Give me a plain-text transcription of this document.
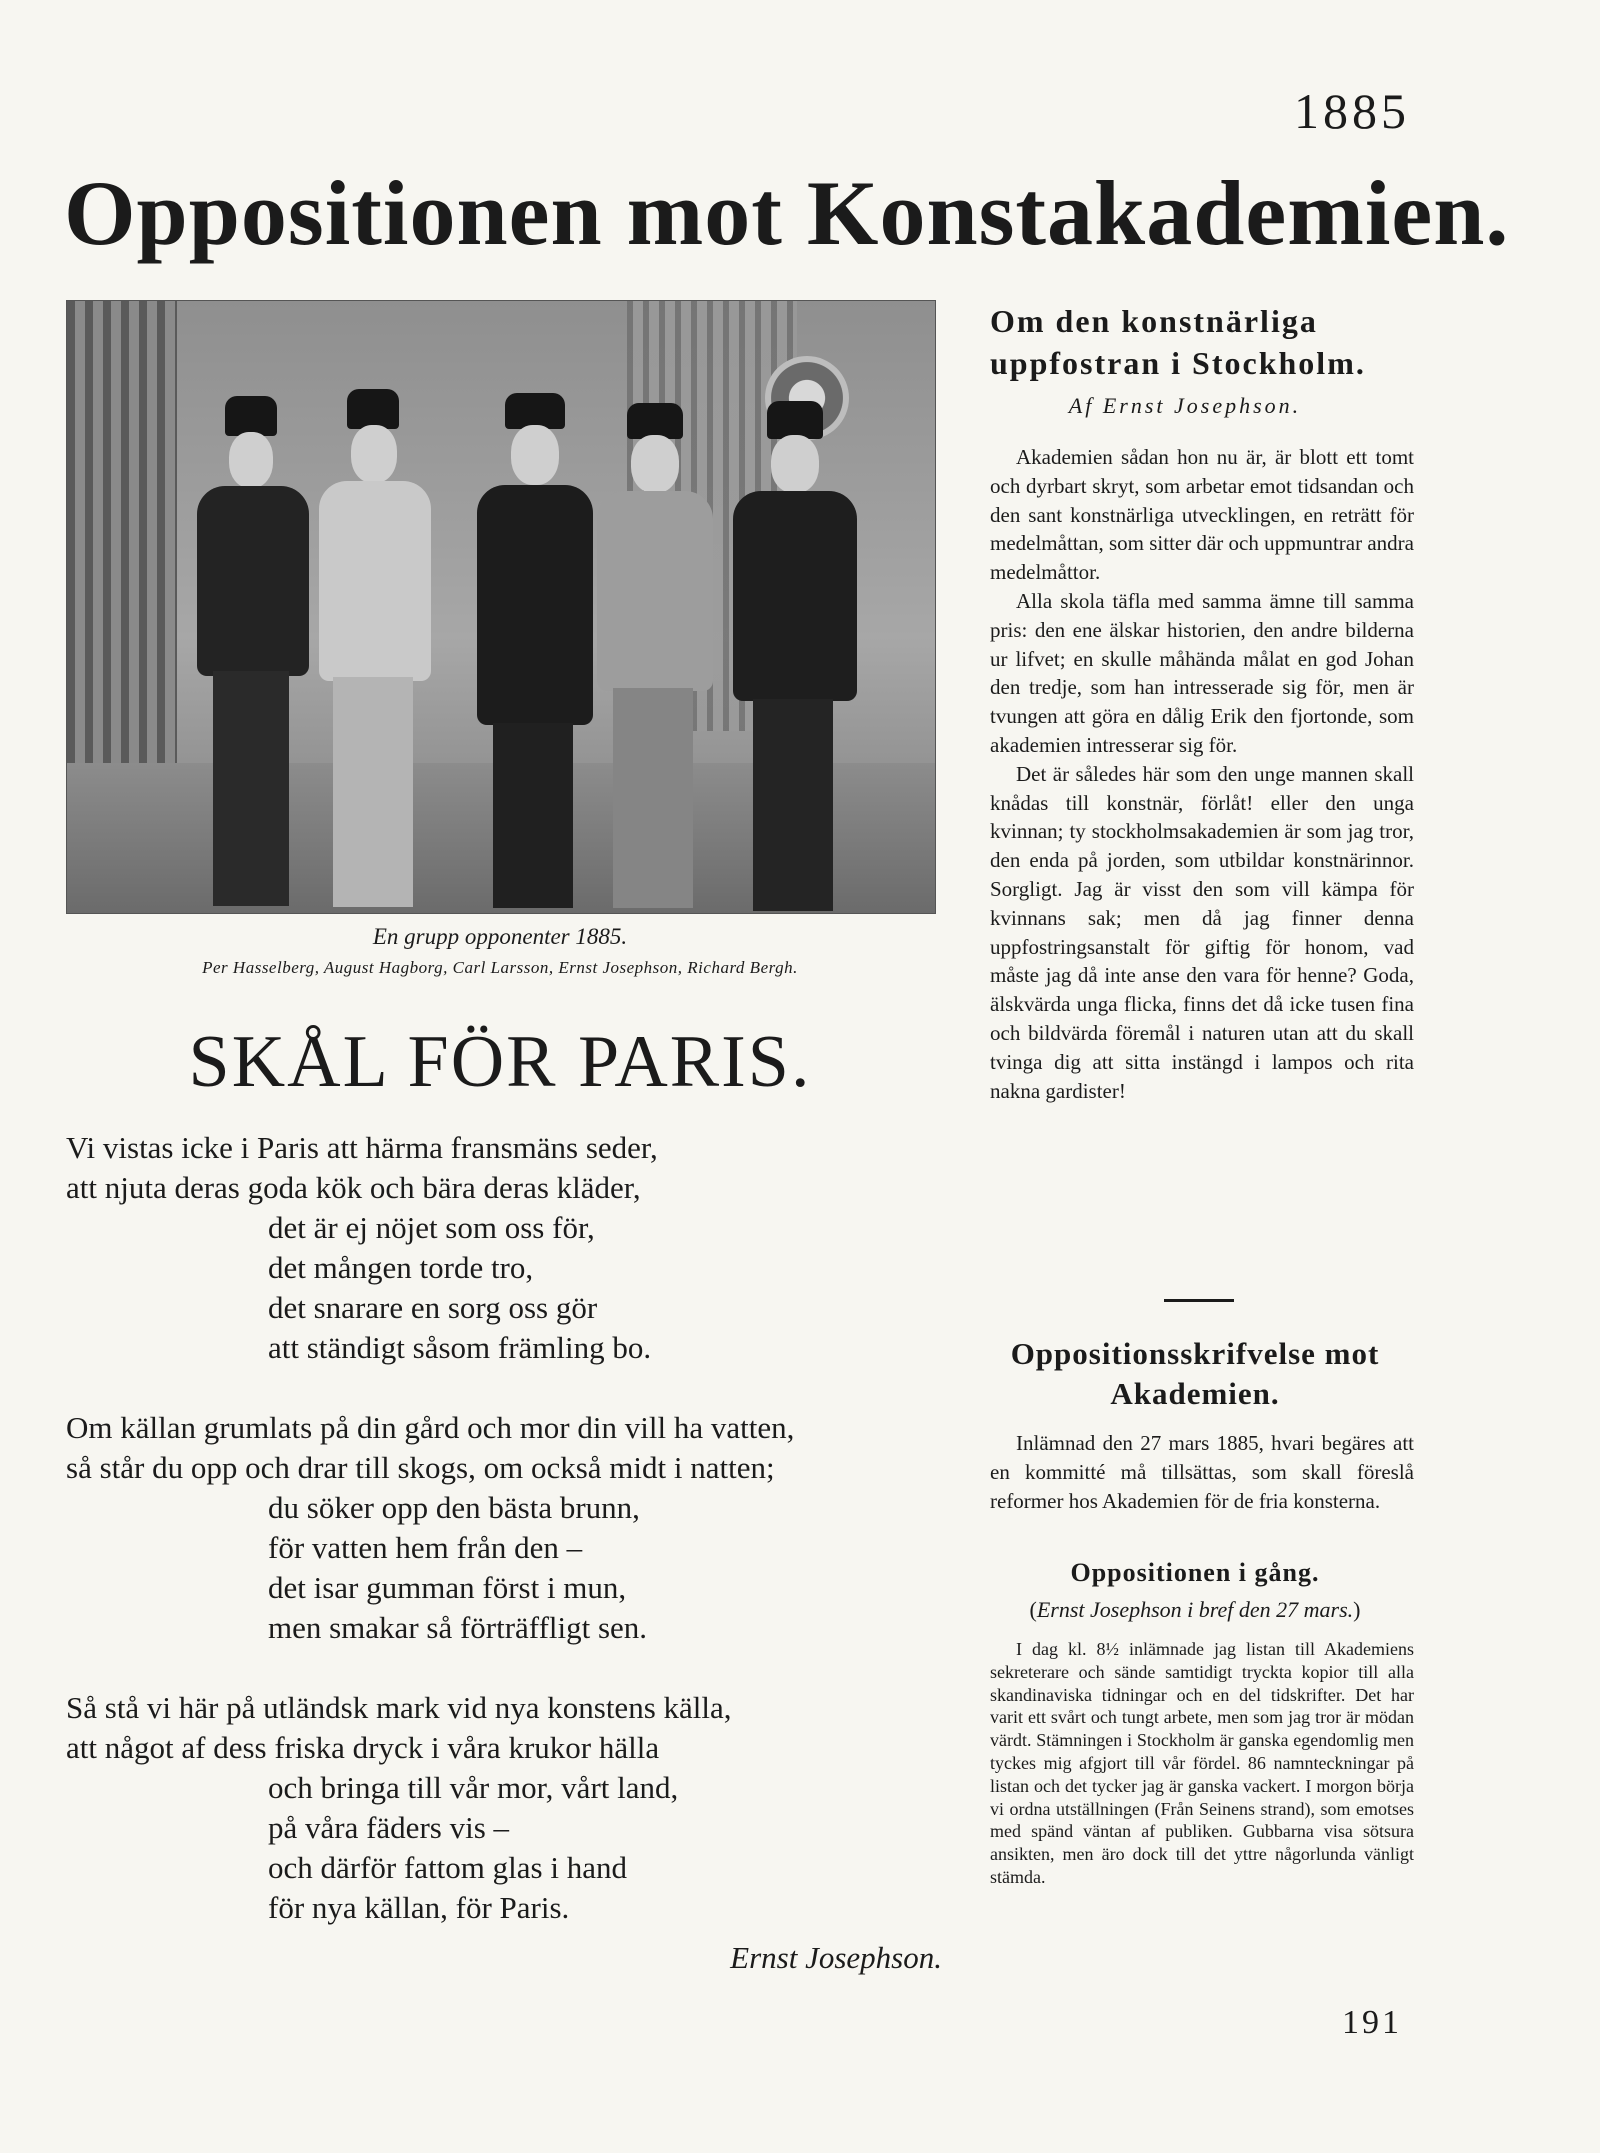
1885
Oppositionen mot Konstakademien.
En grupp opponenter 1885.
Per Hasselberg, August Hagborg, Carl Larsson, Ernst Josephson, Richard Bergh.
SKÅL FÖR PARIS.
Vi vistas icke i Paris att härma fransmäns seder,
att njuta deras goda kök och bära deras kläder,
det är ej nöjet som oss för,
det mången torde tro,
det snarare en sorg oss gör
att ständigt såsom främling bo.
Om källan grumlats på din gård och mor din vill ha vatten,
så står du opp och drar till skogs, om också midt i natten;
du söker opp den bästa brunn,
för vatten hem från den –
det isar gumman först i mun,
men smakar så förträffligt sen.
Så stå vi här på utländsk mark vid nya konstens källa,
att något af dess friska dryck i våra krukor hälla
och bringa till vår mor, vårt land,
på våra fäders vis –
och därför fattom glas i hand
för nya källan, för Paris.
Ernst Josephson.
Om den konstnärliga uppfostran i Stockholm.
Af Ernst Josephson.

Akademien sådan hon nu är, är blott ett tomt och dyrbart skryt, som arbetar emot tidsandan och den sant konstnärliga utvecklingen, en reträtt för medelmåttan, som sitter där och uppmuntrar andra medelmåttor.

Alla skola täfla med samma ämne till samma pris: den ene älskar historien, den andre bilderna ur lifvet; en skulle måhända målat en god Johan den tredje, som han intresserade sig för, men är tvungen att göra en dålig Erik den fjortonde, som akademien intresserar sig för.

Det är således här som den unge mannen skall knådas till konstnär, förlåt! eller den unga kvinnan; ty stockholmsakademien är som jag tror, den enda på jorden, som utbildar konstnärinnor. Sorgligt. Jag är visst den som vill kämpa för kvinnans sak; men då jag finner denna uppfostringsanstalt för giftig för honom, vad måste jag då inte anse den vara för henne? Goda, älskvärda unga flicka, finns det då icke tusen fina och bildvärda föremål i naturen utan att du skall tvinga dig att sitta instängd i lampos och rita nakna gardister!

Oppositionsskrifvelse mot Akademien.

Inlämnad den 27 mars 1885, hvari begäres att en kommitté må tillsättas, som skall föreslå reformer hos Akademien för de fria konsterna.

Oppositionen i gång.
(Ernst Josephson i bref den 27 mars.)

I dag kl. 8½ inlämnade jag listan till Akademiens sekreterare och sände samtidigt tryckta kopior till alla skandinaviska tidningar och en del tidskrifter. Det har varit ett svårt och tungt arbete, men som jag tror är mödan värdt. Stämningen i Stockholm är ganska egendomlig men tyckes mig afgjort till vår fördel. 86 namnteckningar på listan och det tycker jag är ganska vackert. I morgon börja vi ordna utställningen (Från Seinens strand), som emotses med spänd väntan af publiken. Gubbarna visa sötsura ansikten, men äro dock till det yttre någorlunda vänligt stämda.

191
